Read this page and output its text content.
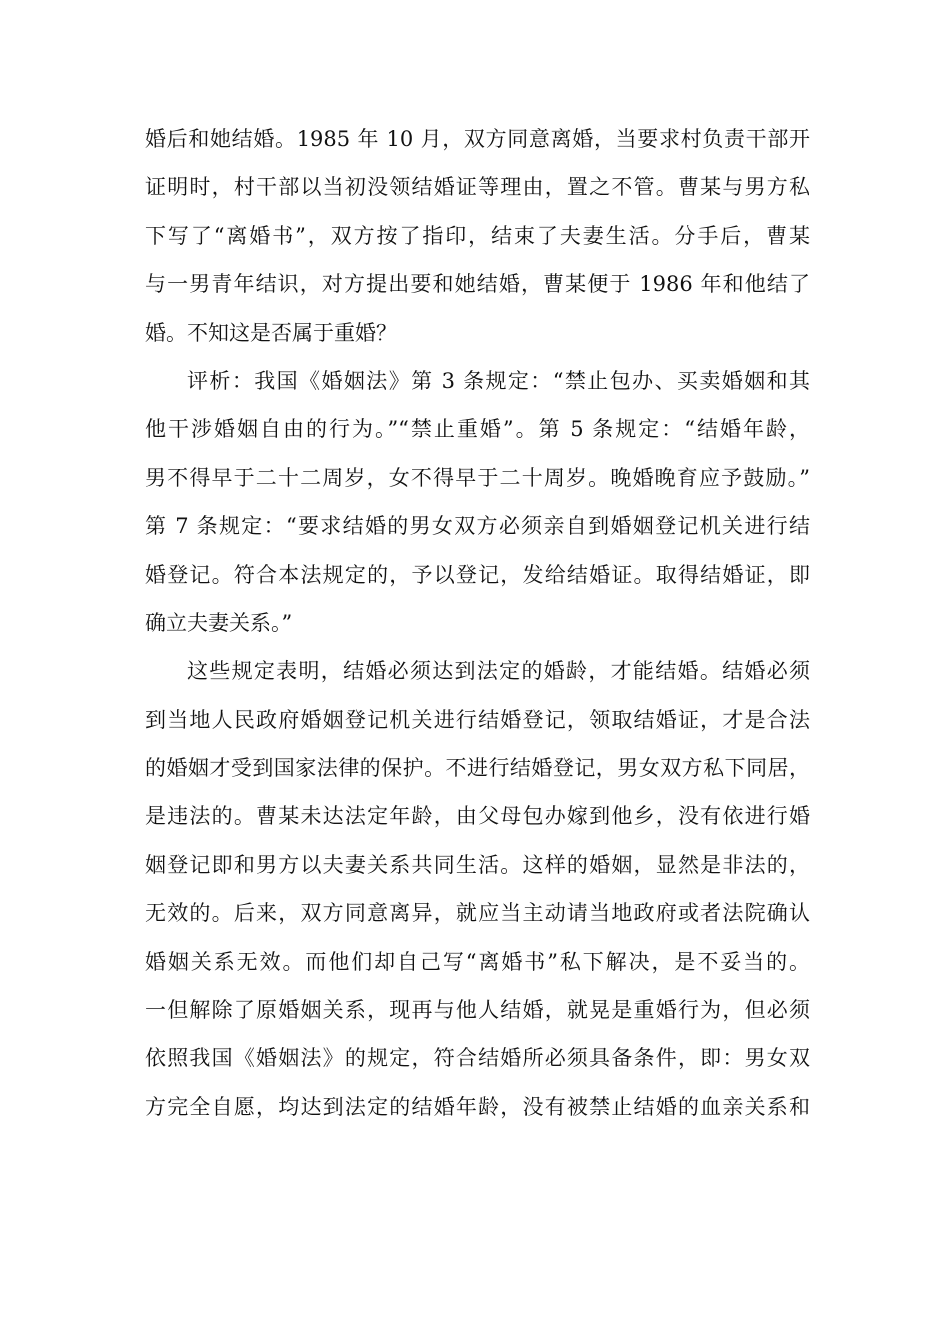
婚后和她结婚。1985 年 10 月，双方同意离婚，当要求村负责干部开
证明时，村干部以当初没领结婚证等理由，置之不管。曹某与男方私
下写了“离婚书”，双方按了指印，结束了夫妻生活。分手后，曹某
与一男青年结识，对方提出要和她结婚，曹某便于 1986 年和他结了
婚。不知这是否属于重婚？
评析：我国《婚姻法》第 3 条规定：“禁止包办、买卖婚姻和其
他干涉婚姻自由的行为。”“禁止重婚”。第 5 条规定：“结婚年龄，
男不得早于二十二周岁，女不得早于二十周岁。晚婚晚育应予鼓励。”
第 7 条规定：“要求结婚的男女双方必须亲自到婚姻登记机关进行结
婚登记。符合本法规定的，予以登记，发给结婚证。取得结婚证，即
确立夫妻关系。”
这些规定表明，结婚必须达到法定的婚龄，才能结婚。结婚必须
到当地人民政府婚姻登记机关进行结婚登记，领取结婚证，才是合法
的婚姻才受到国家法律的保护。不进行结婚登记，男女双方私下同居，
是违法的。曹某未达法定年龄，由父母包办嫁到他乡，没有依进行婚
姻登记即和男方以夫妻关系共同生活。这样的婚姻，显然是非法的，
无效的。后来，双方同意离异，就应当主动请当地政府或者法院确认
婚姻关系无效。而他们却自己写“离婚书”私下解决，是不妥当的。
一但解除了原婚姻关系，现再与他人结婚，就晃是重婚行为，但必须
依照我国《婚姻法》的规定，符合结婚所必须具备条件，即：男女双
方完全自愿，均达到法定的结婚年龄，没有被禁止结婚的血亲关系和
